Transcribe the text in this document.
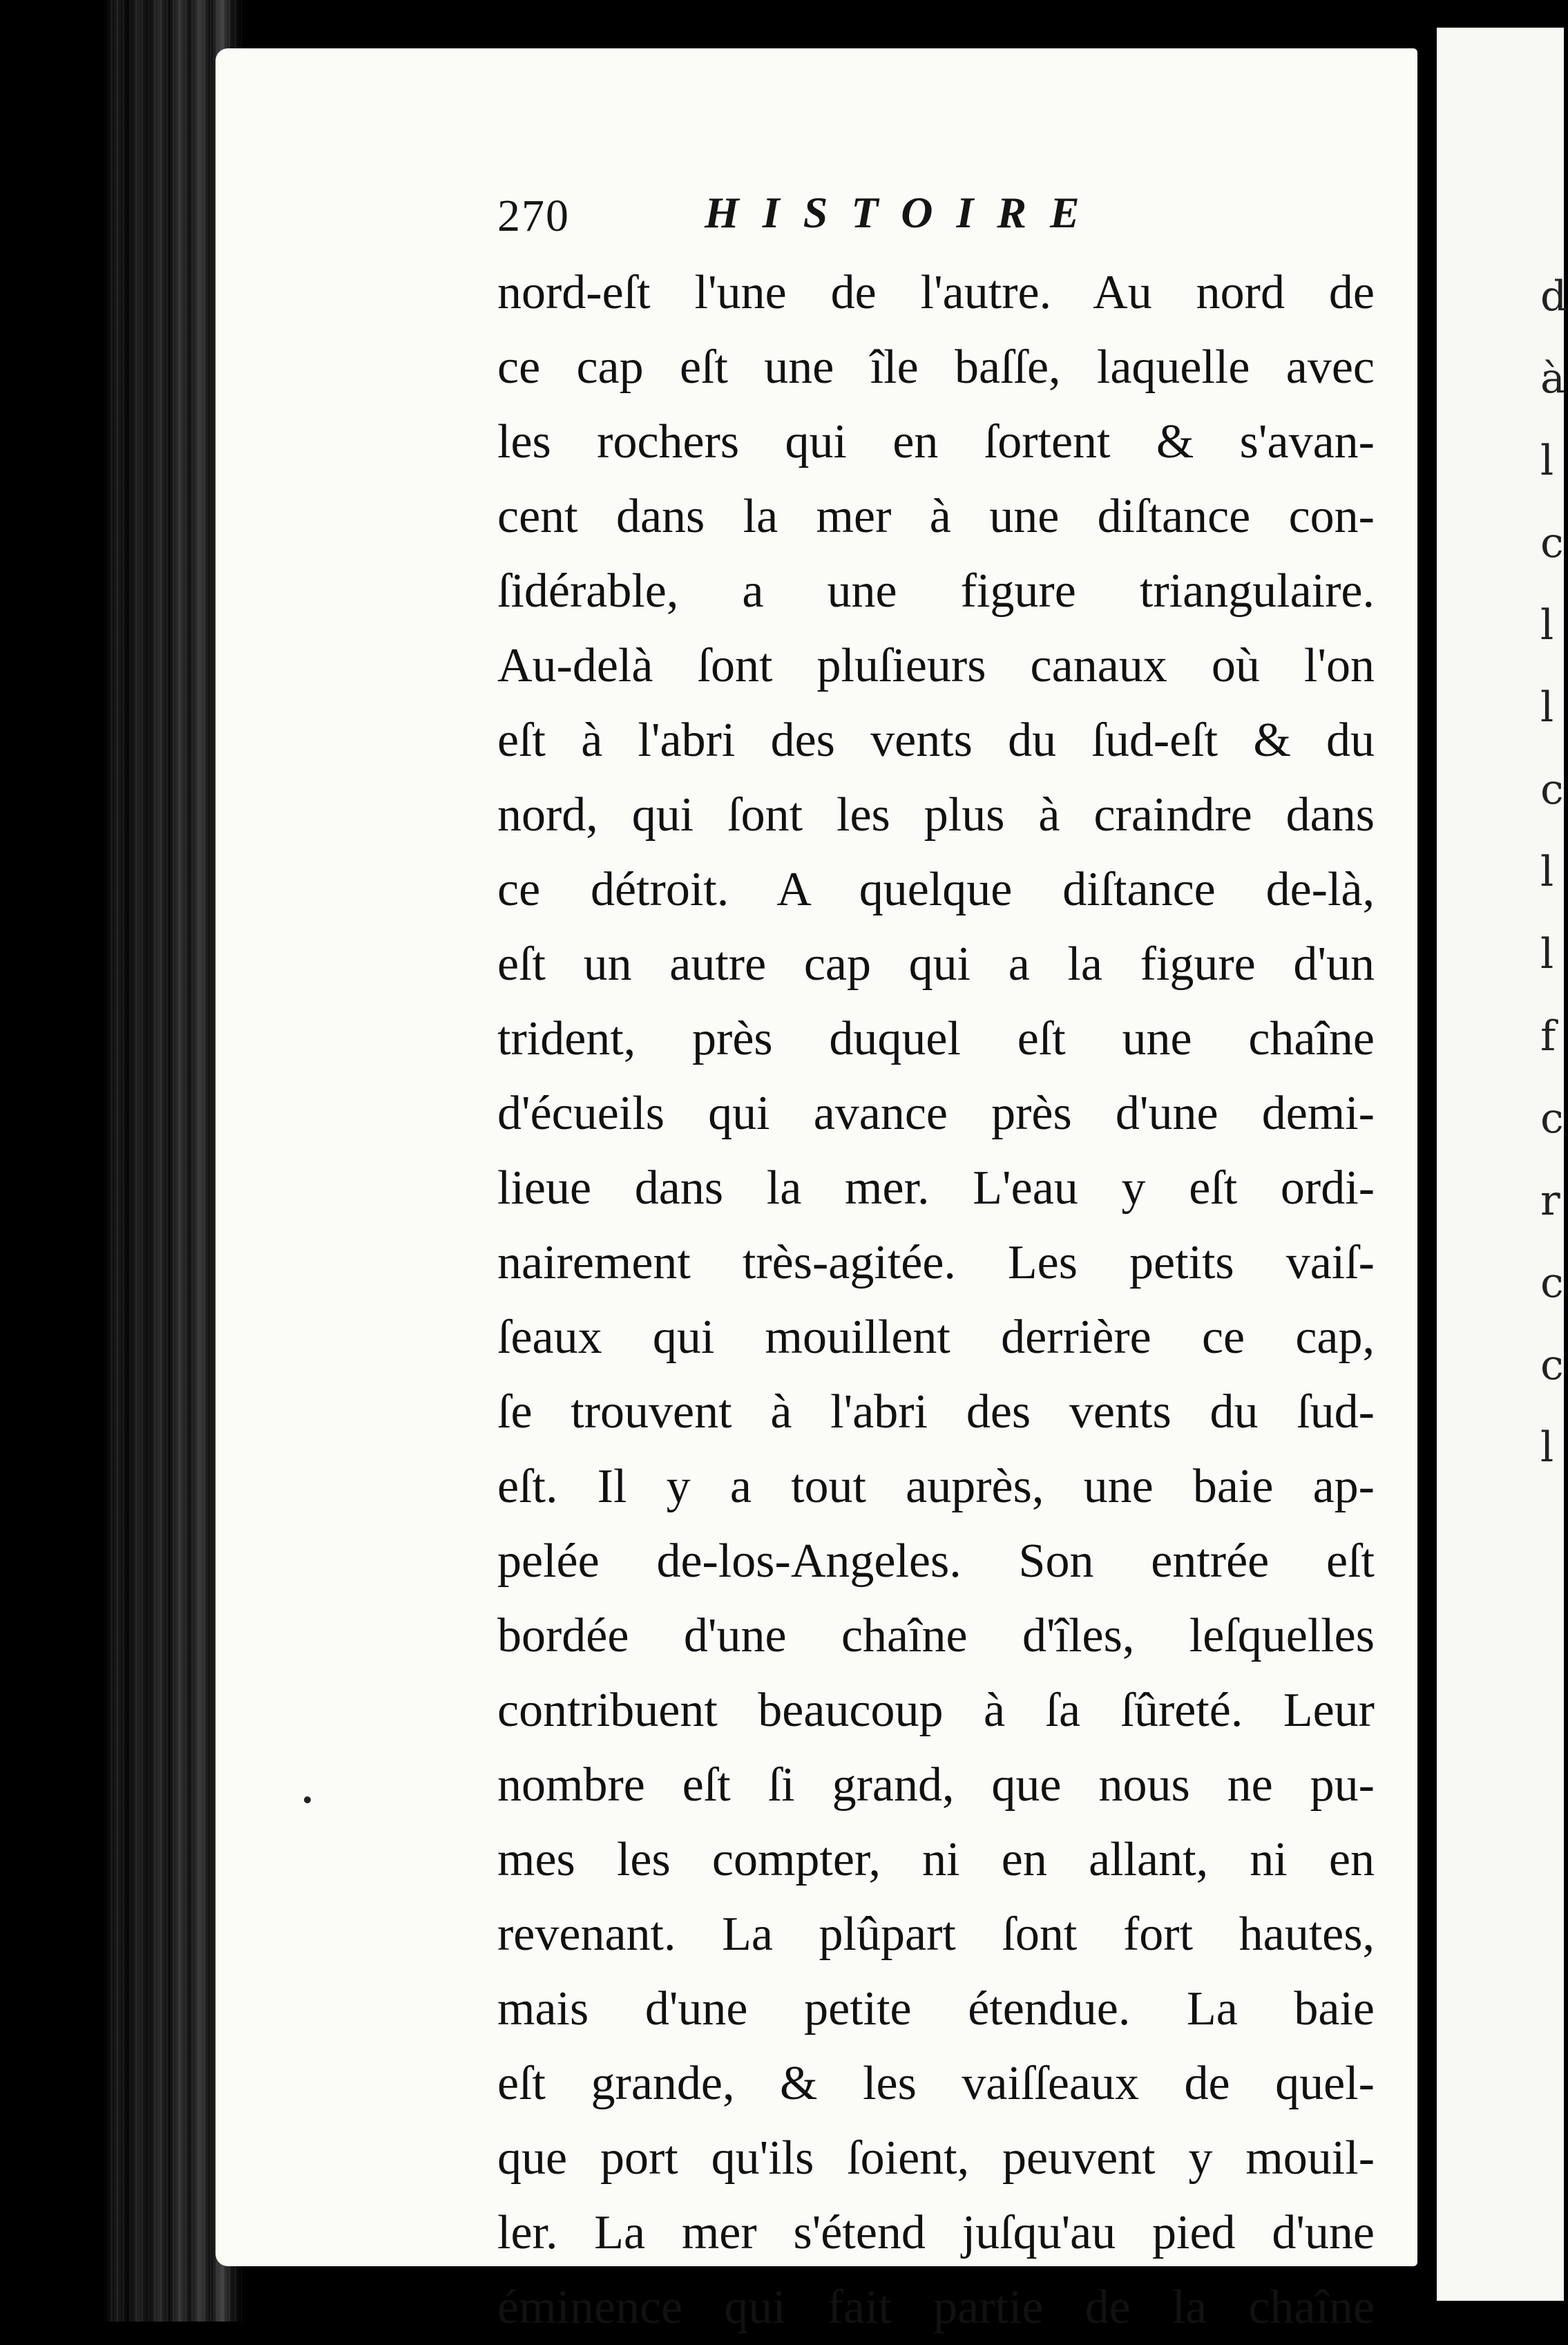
d
à
l
c
l
l
c
l
l
f
c
r
c
c
l
270	HISTOIRE
nord-eſt l'une de l'autre. Au nord de
ce cap eſt une île baſſe, laquelle avec
les rochers qui en ſortent & s'avan-
cent dans la mer à une diſtance con-
ſidérable, a une figure triangulaire.
Au-delà ſont pluſieurs canaux où l'on
eſt à l'abri des vents du ſud-eſt & du
nord, qui ſont les plus à craindre dans
ce détroit. A quelque diſtance de-là,
eſt un autre cap qui a la figure d'un
trident, près duquel eſt une chaîne
d'écueils qui avance près d'une demi-
lieue dans la mer. L'eau y eſt ordi-
nairement très-agitée. Les petits vaiſ-
ſeaux qui mouillent derrière ce cap,
ſe trouvent à l'abri des vents du ſud-
eſt. Il y a tout auprès, une baie ap-
pelée de-los-Angeles. Son entrée eſt
bordée d'une chaîne d'îles, leſquelles
contribuent beaucoup à ſa ſûreté. Leur
nombre eſt ſi grand, que nous ne pu-
mes les compter, ni en allant, ni en
revenant. La plûpart ſont fort hautes,
mais d'une petite étendue. La baie
eſt grande, & les vaiſſeaux de quel-
que port qu'ils ſoient, peuvent y mouil-
ler. La mer s'étend juſqu'au pied d'une
éminence qui fait partie de la chaîne
